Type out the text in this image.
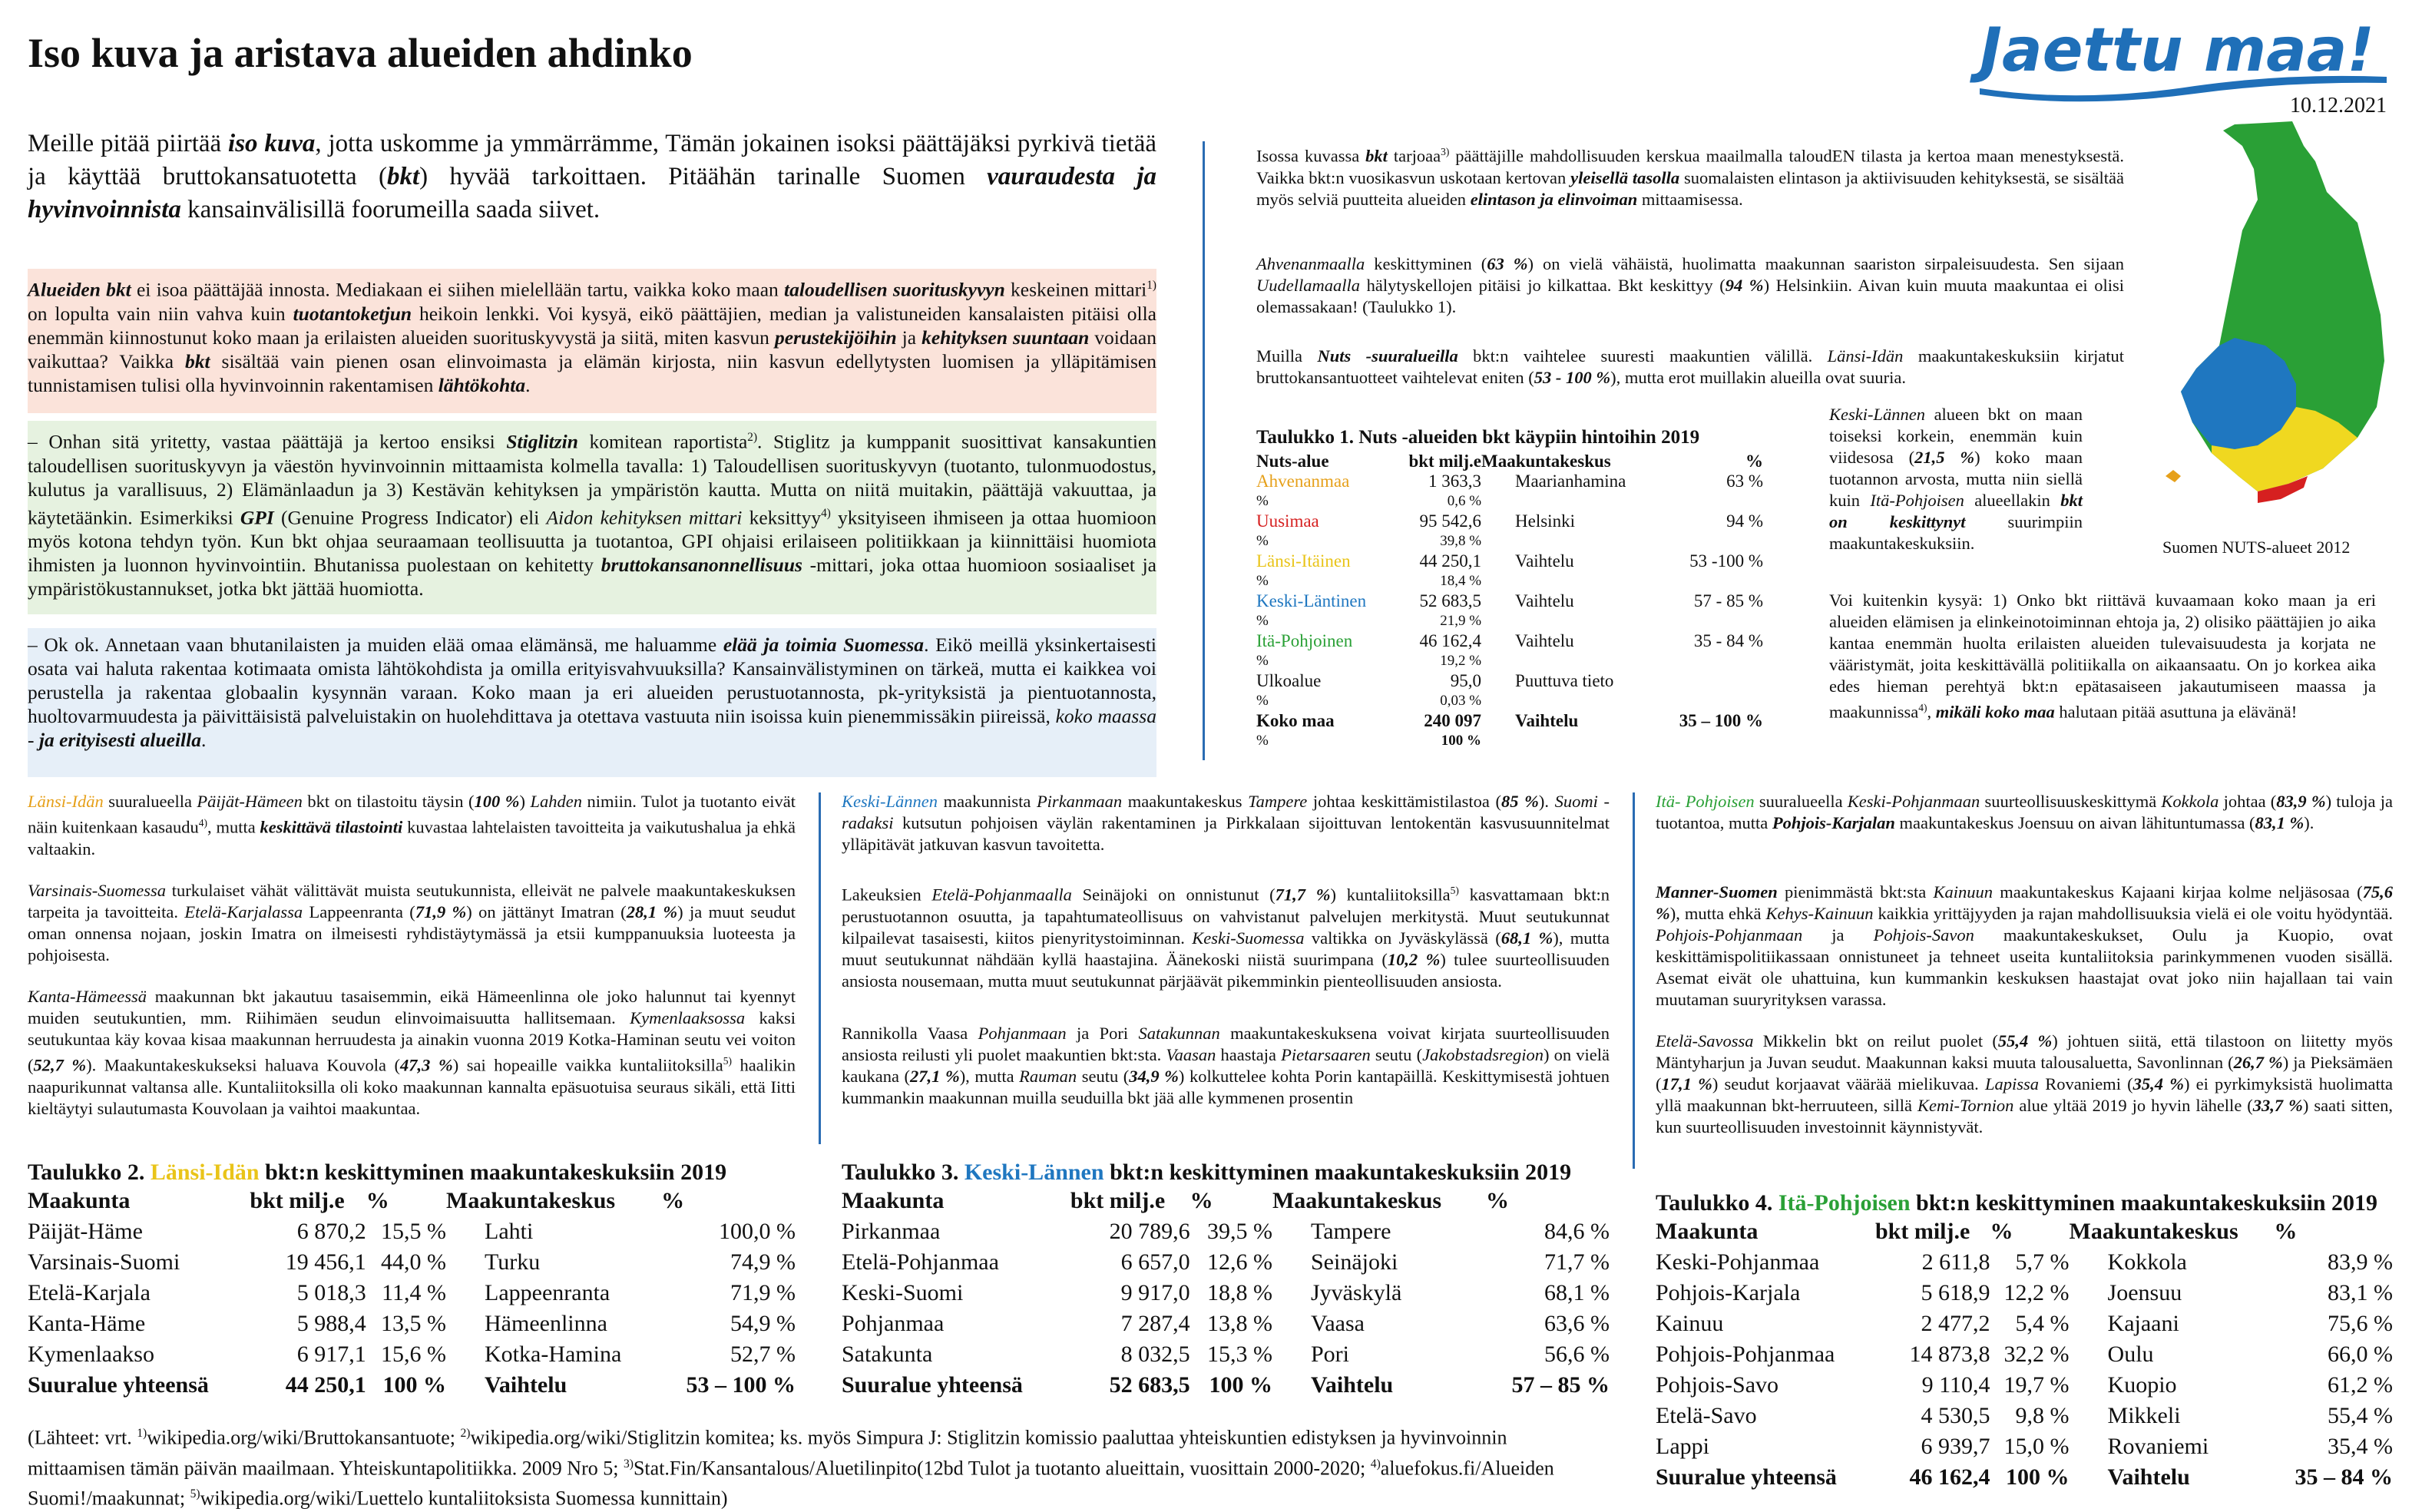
Iso kuva ja aristava alueiden ahdinko	Jaettu maa!
10.12.2021
Meille pitää piirtää iso kuva, jotta uskomme ja ymmärrämme, Tämän jokainen isoksi päättäjäksi pyrkivä tietää ja käyttää bruttokansatuotetta (bkt) hyvää tarkoittaen. Pitäähän tarinalle Suomen vauraudesta ja hyvinvoinnista kansainvälisillä foorumeilla saada siivet.
Alueiden bkt ei isoa päättäjää innosta. Mediakaan ei siihen mielellään tartu, vaikka koko maan taloudellisen suorituskyvyn keskeinen mittari$^{1)}$ on lopulta vain niin vahva kuin tuotantoketjun heikoin lenkki. Voi kysyä, eikö päättäjien, median ja valistuneiden kansalaisten pitäisi olla enemmän kiinnostunut koko maan ja erilaisten alueiden suorituskyvystä ja siitä, miten kasvun perustekijöihin ja kehityksen suuntaan voidaan vaikuttaa? Vaikka bkt sisältää vain pienen osan elinvoimasta ja elämän kirjosta, niin kasvun edellytysten luomisen ja ylläpitämisen tunnistamisen tulisi olla hyvinvoinnin rakentamisen lähtökohta.
– Onhan sitä yritetty, vastaa päättäjä ja kertoo ensiksi Stiglitzin komitean raportista$^{2)}$. Stiglitz ja kumppanit suosittivat kansakuntien taloudellisen suorituskyvyn ja väestön hyvinvoinnin mittaamista kolmella tavalla: 1) Taloudellisen suorituskyvyn (tuotanto, tulonmuodostus, kulutus ja varallisuus, 2) Elämänlaadun ja 3) Kestävän kehityksen ja ympäristön kautta. Mutta on niitä muitakin, päättäjä vakuuttaa, ja käytetäänkin. Esimerkiksi GPI (Genuine Progress Indicator) eli Aidon kehityksen mittari keksittyy$^{4)}$ yksityiseen ihmiseen ja ottaa huomioon myös kotona tehdyn työn. Kun bkt ohjaa seuraamaan teollisuutta ja tuotantoa, GPI ohjaisi erilaiseen politiikkaan ja kiinnittäisi huomiota ihmisten ja luonnon hyvinvointiin. Bhutanissa puolestaan on kehitetty bruttokansanonnellisuus -mittari, joka ottaa huomioon sosiaaliset ja ympäristökustannukset, jotka bkt jättää huomiotta.
– Ok ok. Annetaan vaan bhutanilaisten ja muiden elää omaa elämänsä, me haluamme elää ja toimia Suomessa. Eikö meillä yksinkertaisesti osata vai haluta rakentaa kotimaata omista lähtökohdista ja omilla erityisvahvuuksilla? Kansainvälistyminen on tärkeä, mutta ei kaikkea voi perustella ja rakentaa globaalin kysynnän varaan. Koko maan ja eri alueiden perustuotannosta, pk-yrityksistä ja pientuotannosta, huoltovarmuudesta ja päivittäisistä palveluistakin on huolehdittava ja otettava vastuuta niin isoissa kuin pienemmissäkin piireissä, koko maassa - ja erityisesti alueilla.
Isossa kuvassa bkt tarjoaa$^{3)}$ päättäjille mahdollisuuden kerskua maailmalla taloudEN tilasta ja kertoa maan menestyksestä. Vaikka bkt:n vuosikasvun uskotaan kertovan yleisellä tasolla suomalaisten elintason ja aktiivisuuden kehityksestä, se sisältää myös selviä puutteita alueiden elintason ja elinvoiman mittaamisessa.
Ahvenanmaalla keskittyminen (63 %) on vielä vähäistä, huolimatta maakunnan saariston sirpaleisuudesta. Sen sijaan Uudellamaalla hälytyskellojen pitäisi jo kilkattaa. Bkt keskittyy (94 %) Helsinkiin. Aivan kuin muuta maakuntaa ei olisi olemassakaan! (Taulukko 1).
Muilla Nuts -suuralueilla bkt:n vaihtelee suuresti maakuntien välillä. Länsi-Idän maakuntakeskuksiin kirjatut bruttokansantuotteet vaihtelevat eniten (53 - 100 %), mutta erot muillakin alueilla ovat suuria.
Taulukko 1. Nuts -alueiden bkt käypiin hintoihin 2019
Nuts-alue	bkt milj.e	Maakuntakeskus	%
Ahvenanmaa	1 363,3	Maarianhamina	63 %
%	0,6 %		
Uusimaa	95 542,6	Helsinki	94 %
%	39,8 %		
Länsi-Itäinen	44 250,1	Vaihtelu	53 -100 %
%	18,4 %		
Keski-Läntinen	52 683,5	Vaihtelu	57 - 85 %
%	21,9 %		
Itä-Pohjoinen	46 162,4	Vaihtelu	35 - 84 %
%	19,2 %		
Ulkoalue	95,0	Puuttuva tieto	
%	0,03 %		
Koko maa	240 097	Vaihtelu	35 – 100 %
%	100 %		
Keski-Lännen alueen bkt on maan toiseksi korkein, enemmän kuin viidesosa (21,5 %) koko maan tuotannon arvosta, mutta niin siellä kuin Itä-Pohjoisen alueellakin bkt on keskittynyt suurimpiin maakuntakeskuksiin.	Suomen NUTS-alueet 2012
Voi kuitenkin kysyä: 1) Onko bkt riittävä kuvaamaan koko maan ja eri alueiden elämisen ja elinkeinotoiminnan ehtoja ja, 2) olisiko päättäjien jo aika kantaa enemmän huolta erilaisten alueiden tulevaisuudesta ja korjata ne vääristymät, joita keskittävällä politiikalla on aikaansaatu. On jo korkea aika edes hieman perehtyä bkt:n epätasaiseen jakautumiseen maassa ja maakunnissa$^{4)}$, mikäli koko maa halutaan pitää asuttuna ja elävänä!
Länsi-Idän suuralueella Päijät-Hämeen bkt on tilastoitu täysin (100 %) Lahden nimiin. Tulot ja tuotanto eivät näin kuitenkaan kasaudu$^{4)}$, mutta keskittävä tilastointi kuvastaa lahtelaisten tavoitteita ja vaikutushalua ja ehkä valtaakin.
Varsinais-Suomessa turkulaiset vähät välittävät muista seutukunnista, elleivät ne palvele maakuntakeskuksen tarpeita ja tavoitteita. Etelä-Karjalassa Lappeenranta (71,9 %) on jättänyt Imatran (28,1 %) ja muut seudut oman onnensa nojaan, joskin Imatra on ilmeisesti ryhdistäytymässä ja etsii kumppanuuksia luoteesta ja pohjoisesta.
Kanta-Hämeessä maakunnan bkt jakautuu tasaisemmin, eikä Hämeenlinna ole joko halunnut tai kyennyt muiden seutukuntien, mm. Riihimäen seudun elinvoimaisuutta hallitsemaan. Kymenlaaksossa kaksi seutukuntaa käy kovaa kisaa maakunnan herruudesta ja ainakin vuonna 2019 Kotka-Haminan seutu vei voiton (52,7 %). Maakuntakeskukseksi haluava Kouvola (47,3 %) sai hopeaille vaikka kuntaliitoksilla$^{5)}$ haalikin naapurikunnat valtansa alle. Kuntaliitoksilla oli koko maakunnan kannalta epäsuotuisa seuraus sikäli, että Iitti kieltäytyi sulautumasta Kouvolaan ja vaihtoi maakuntaa.
Keski-Lännen maakunnista Pirkanmaan maakuntakeskus Tampere johtaa keskittämistilastoa (85 %). Suomi -radaksi kutsutun pohjoisen väylän rakentaminen ja Pirkkalaan sijoittuvan lentokentän kasvusuunnitelmat ylläpitävät jatkuvan kasvun tavoitetta.
Lakeuksien Etelä-Pohjanmaalla Seinäjoki on onnistunut (71,7 %) kuntaliitoksilla$^{5)}$ kasvattamaan bkt:n perustuotannon osuutta, ja tapahtumateollisuus on vahvistanut palvelujen merkitystä. Muut seutukunnat kilpailevat tasaisesti, kiitos pienyritystoiminnan. Keski-Suomessa valtikka on Jyväskylässä (68,1 %), mutta muut seutukunnat nähdään kyllä haastajina. Äänekoski niistä suurimpana (10,2 %) tulee suurteollisuuden ansiosta nousemaan, mutta muut seutukunnat pärjäävät pikemminkin pienteollisuuden ansiosta.
Rannikolla Vaasa Pohjanmaan ja Pori Satakunnan maakuntakeskuksena voivat kirjata suurteollisuuden ansiosta reilusti yli puolet maakuntien bkt:sta. Vaasan haastaja Pietarsaaren seutu (Jakobstadsregion) on vielä kaukana (27,1 %), mutta Rauman seutu (34,9 %) kolkuttelee kohta Porin kantapäillä. Keskittymisestä johtuen kummankin maakunnan muilla seuduilla bkt jää alle kymmenen prosentin
Itä- Pohjoisen suuralueella Keski-Pohjanmaan suurteollisuuskeskittymä Kokkola johtaa (83,9 %) tuloja ja tuotantoa, mutta Pohjois-Karjalan maakuntakeskus Joensuu on aivan lähituntumassa (83,1 %).
Manner-Suomen pienimmästä bkt:sta Kainuun maakuntakeskus Kajaani kirjaa kolme neljäsosaa (75,6 %), mutta ehkä Kehys-Kainuun kaikkia yrittäjyyden ja rajan mahdollisuuksia vielä ei ole voitu hyödyntää. Pohjois-Pohjanmaan ja Pohjois-Savon maakuntakeskukset, Oulu ja Kuopio, ovat keskittämispolitiikassaan onnistuneet ja tehneet useita kuntaliitoksia parinkymmenen vuoden sisällä. Asemat eivät ole uhattuina, kun kummankin keskuksen haastajat ovat joko niin hajallaan tai vain muutaman suuryrityksen varassa.
Etelä-Savossa Mikkelin bkt on reilut puolet (55,4 %) johtuen siitä, että tilastoon on liitetty myös Mäntyharjun ja Juvan seudut. Maakunnan kaksi muuta talousaluetta, Savonlinnan (26,7 %) ja Pieksämäen (17,1 %) seudut korjaavat väärää mielikuvaa. Lapissa Rovaniemi (35,4 %) ei pyrkimyksistä huolimatta yllä maakunnan bkt-herruuteen, sillä Kemi-Tornion alue yltää 2019 jo hyvin lähelle (33,7 %) saati sitten, kun suurteollisuuden investoinnit käynnistyvät.
Taulukko 2. Länsi-Idän bkt:n keskittyminen maakuntakeskuksiin 2019
Maakunta	bkt milj.e	%	Maakuntakeskus	%
Päijät-Häme	6 870,2	15,5 %	Lahti	100,0 %
Varsinais-Suomi	19 456,1	44,0 %	Turku	74,9 %
Etelä-Karjala	5 018,3	11,4 %	Lappeenranta	71,9 %
Kanta-Häme	5 988,4	13,5 %	Hämeenlinna	54,9 %
Kymenlaakso	6 917,1	15,6 %	Kotka-Hamina	52,7 %
Suuralue yhteensä	44 250,1	100 %	Vaihtelu	53 – 100 %
Taulukko 3. Keski-Lännen bkt:n keskittyminen maakuntakeskuksiin 2019
Maakunta	bkt milj.e	%	Maakuntakeskus	%
Pirkanmaa	20 789,6	39,5 %	Tampere	84,6 %
Etelä-Pohjanmaa	6 657,0	12,6 %	Seinäjoki	71,7 %
Keski-Suomi	9 917,0	18,8 %	Jyväskylä	68,1 %
Pohjanmaa	7 287,4	13,8 %	Vaasa	63,6 %
Satakunta	8 032,5	15,3 %	Pori	56,6 %
Suuralue yhteensä	52 683,5	100 %	Vaihtelu	57 – 85 %
Taulukko 4. Itä-Pohjoisen bkt:n keskittyminen maakuntakeskuksiin 2019
Maakunta	bkt milj.e	%	Maakuntakeskus	%
Keski-Pohjanmaa	2 611,8	5,7 %	Kokkola	83,9 %
Pohjois-Karjala	5 618,9	12,2 %	Joensuu	83,1 %
Kainuu	2 477,2	5,4 %	Kajaani	75,6 %
Pohjois-Pohjanmaa	14 873,8	32,2 %	Oulu	66,0 %
Pohjois-Savo	9 110,4	19,7 %	Kuopio	61,2 %
Etelä-Savo	4 530,5	9,8 %	Mikkeli	55,4 %
Lappi	6 939,7	15,0 %	Rovaniemi	35,4 %
Suuralue yhteensä	46 162,4	100 %	Vaihtelu	35 – 84 %
(Lähteet: vrt. $^{1)}$wikipedia.org/wiki/Bruttokansantuote; $^{2)}$wikipedia.org/wiki/Stiglitzin komitea; ks. myös Simpura J: Stiglitzin komissio paaluttaa yhteiskuntien edistyksen ja hyvinvoinnin mittaamisen tämän päivän maailmaan. Yhteiskuntapolitiikka. 2009 Nro 5; $^{3)}$Stat.Fin/Kansantalous/Aluetilinpito(12bd Tulot ja tuotanto alueittain, vuosittain 2000-2020; $^{4)}$aluefokus.fi/Alueiden Suomi!/maakunnat; $^{5)}$wikipedia.org/wiki/Luettelo kuntaliitoksista Suomessa kunnittain)
